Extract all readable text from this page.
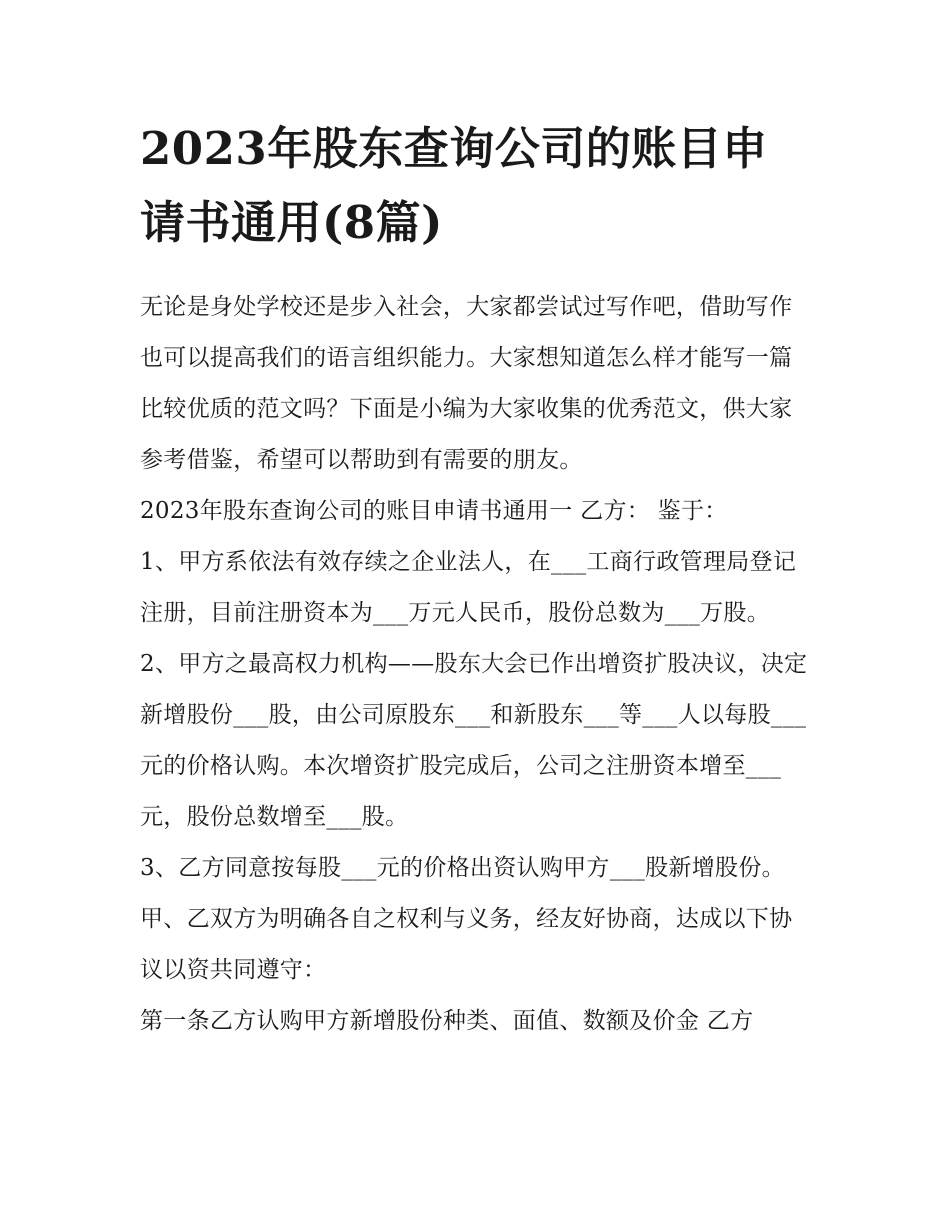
2023年股东查询公司的账目申请书通用(8篇)

无论是身处学校还是步入社会，大家都尝试过写作吧，借助写作也可以提高我们的语言组织能力。大家想知道怎么样才能写一篇比较优质的范文吗？下面是小编为大家收集的优秀范文，供大家参考借鉴，希望可以帮助到有需要的朋友。

2023年股东查询公司的账目申请书通用一 乙方： 鉴于：

1、甲方系依法有效存续之企业法人，在___工商行政管理局登记注册，目前注册资本为___万元人民币，股份总数为___万股。

2、甲方之最高权力机构——股东大会已作出增资扩股决议，决定新增股份___股，由公司原股东___和新股东___等___人以每股___元的价格认购。本次增资扩股完成后，公司之注册资本增至___元，股份总数增至___股。

3、乙方同意按每股___元的价格出资认购甲方___股新增股份。 甲、乙双方为明确各自之权利与义务，经友好协商，达成以下协议以资共同遵守：

第一条乙方认购甲方新增股份种类、面值、数额及价金 乙方
